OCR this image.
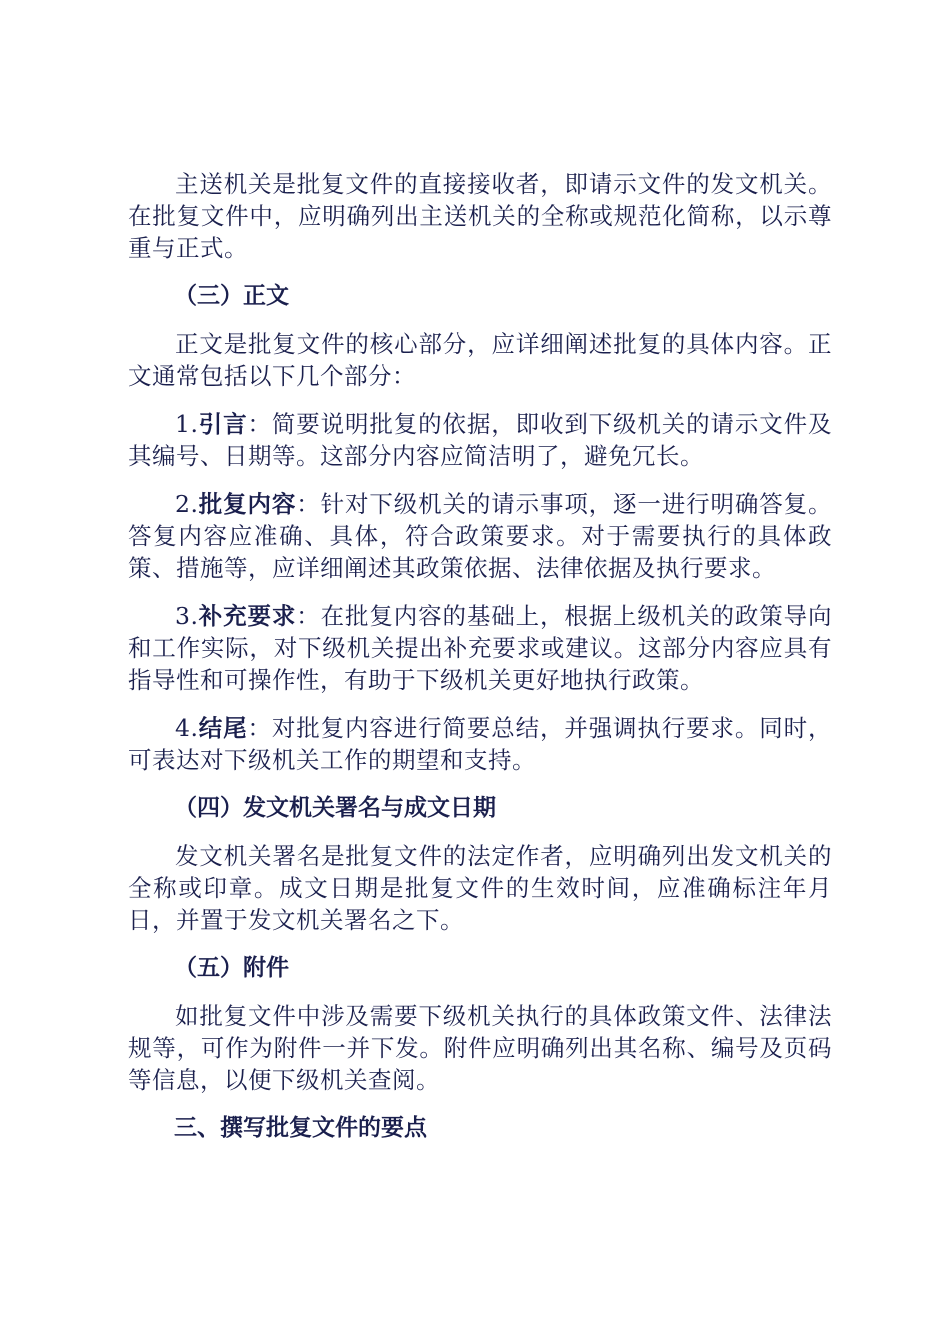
主送机关是批复文件的直接接收者，即请示文件的发文机关。在批复文件中，应明确列出主送机关的全称或规范化简称，以示尊重与正式。

（三）正文

正文是批复文件的核心部分，应详细阐述批复的具体内容。正文通常包括以下几个部分：

1.引言：简要说明批复的依据，即收到下级机关的请示文件及其编号、日期等。这部分内容应简洁明了，避免冗长。

2.批复内容：针对下级机关的请示事项，逐一进行明确答复。答复内容应准确、具体，符合政策要求。对于需要执行的具体政策、措施等，应详细阐述其政策依据、法律依据及执行要求。

3.补充要求：在批复内容的基础上，根据上级机关的政策导向和工作实际，对下级机关提出补充要求或建议。这部分内容应具有指导性和可操作性，有助于下级机关更好地执行政策。

4.结尾：对批复内容进行简要总结，并强调执行要求。同时，可表达对下级机关工作的期望和支持。

（四）发文机关署名与成文日期

发文机关署名是批复文件的法定作者，应明确列出发文机关的全称或印章。成文日期是批复文件的生效时间，应准确标注年月日，并置于发文机关署名之下。

（五）附件

如批复文件中涉及需要下级机关执行的具体政策文件、法律法规等，可作为附件一并下发。附件应明确列出其名称、编号及页码等信息，以便下级机关查阅。

三、撰写批复文件的要点
